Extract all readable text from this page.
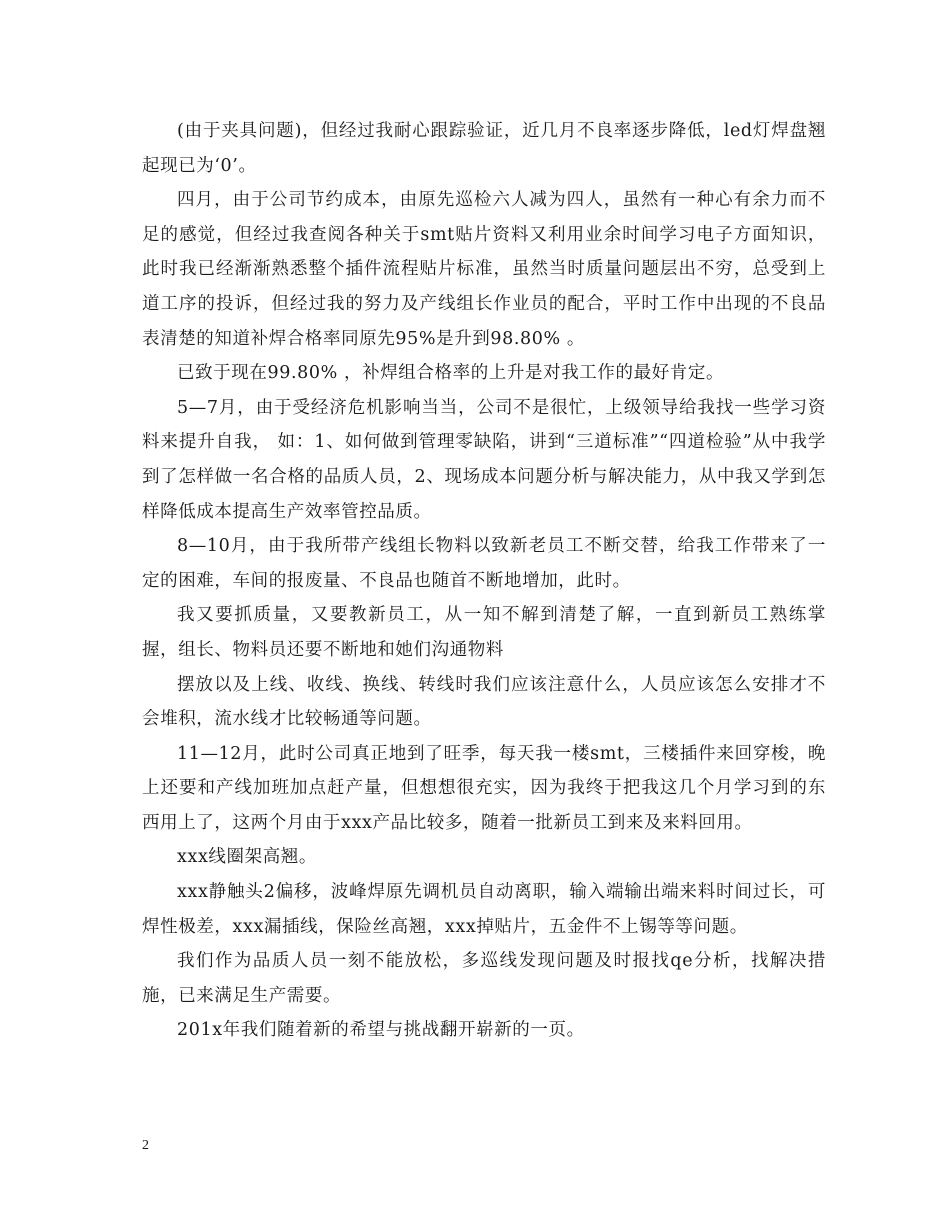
(由于夹具问题)，但经过我耐心跟踪验证，近几月不良率逐步降低，led灯焊盘翘起现已为‘0’。

四月，由于公司节约成本，由原先巡检六人减为四人，虽然有一种心有余力而不足的感觉，但经过我查阅各种关于smt贴片资料又利用业余时间学习电子方面知识，此时我已经渐渐熟悉整个插件流程贴片标准，虽然当时质量问题层出不穷，总受到上道工序的投诉，但经过我的努力及产线组长作业员的配合，平时工作中出现的不良品表清楚的知道补焊合格率同原先95%是升到98.80% 。

已致于现在99.80% ，补焊组合格率的上升是对我工作的最好肯定。

5—7月，由于受经济危机影响当当，公司不是很忙，上级领导给我找一些学习资料来提升自我， 如：1、如何做到管理零缺陷，讲到“三道标准”“四道检验”从中我学到了怎样做一名合格的品质人员，2、现场成本问题分析与解决能力，从中我又学到怎样降低成本提高生产效率管控品质。

8—10月，由于我所带产线组长物料以致新老员工不断交替，给我工作带来了一定的困难，车间的报废量、不良品也随首不断地增加，此时。

我又要抓质量，又要教新员工，从一知不解到清楚了解，一直到新员工熟练掌握，组长、物料员还要不断地和她们沟通物料

摆放以及上线、收线、换线、转线时我们应该注意什么，人员应该怎么安排才不会堆积，流水线才比较畅通等问题。

11—12月，此时公司真正地到了旺季，每天我一楼smt，三楼插件来回穿梭，晚上还要和产线加班加点赶产量，但想想很充实，因为我终于把我这几个月学习到的东西用上了，这两个月由于xxx产品比较多，随着一批新员工到来及来料回用。

xxx线圈架高翘。

xxx静触头2偏移，波峰焊原先调机员自动离职，输入端输出端来料时间过长，可焊性极差，xxx漏插线，保险丝高翘，xxx掉贴片，五金件不上锡等等问题。

我们作为品质人员一刻不能放松，多巡线发现问题及时报找qe分析，找解决措施，已来满足生产需要。

201x年我们随着新的希望与挑战翻开崭新的一页。

2
